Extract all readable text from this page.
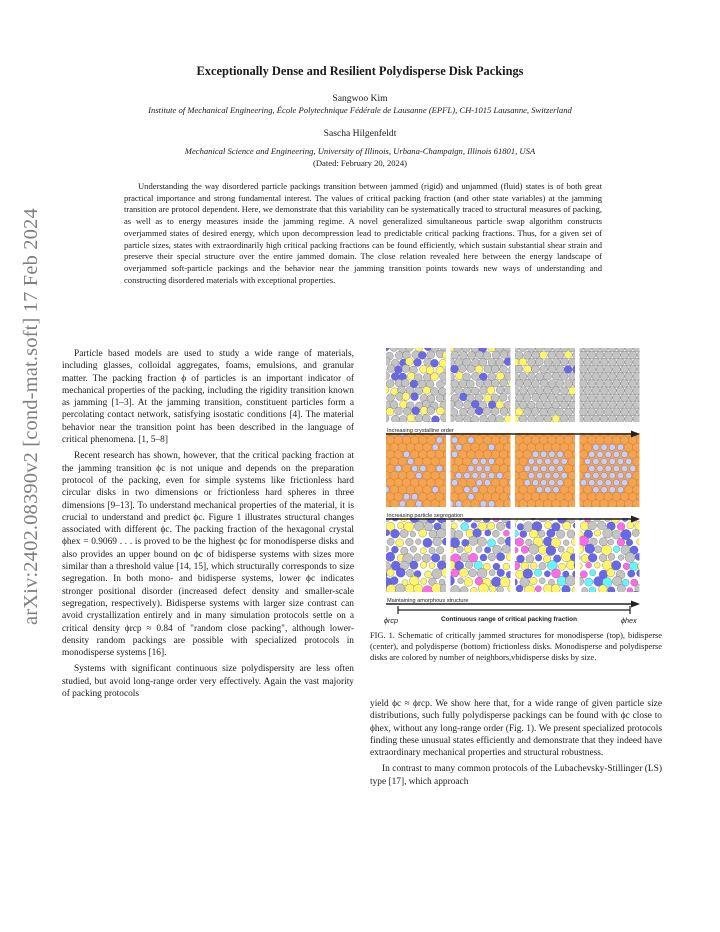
arXiv:2402.08390v2 [cond-mat.soft] 17 Feb 2024
Exceptionally Dense and Resilient Polydisperse Disk Packings
Sangwoo Kim
Institute of Mechanical Engineering, École Polytechnique Fédérale de Lausanne (EPFL), CH-1015 Lausanne, Switzerland
Sascha Hilgenfeldt
Mechanical Science and Engineering, University of Illinois, Urbana-Champaign, Illinois 61801, USA
(Dated: February 20, 2024)
Understanding the way disordered particle packings transition between jammed (rigid) and unjammed (fluid) states is of both great practical importance and strong fundamental interest. The values of critical packing fraction (and other state variables) at the jamming transition are protocol dependent. Here, we demonstrate that this variability can be systematically traced to structural measures of packing, as well as to energy measures inside the jamming regime. A novel generalized simultaneous particle swap algorithm constructs overjammed states of desired energy, which upon decompression lead to predictable critical packing fractions. Thus, for a given set of particle sizes, states with extraordinarily high critical packing fractions can be found efficiently, which sustain substantial shear strain and preserve their special structure over the entire jammed domain. The close relation revealed here between the energy landscape of overjammed soft-particle packings and the behavior near the jamming transition points towards new ways of understanding and constructing disordered materials with exceptional properties.

Particle based models are used to study a wide range of materials, including glasses, colloidal aggregates, foams, emulsions, and granular matter. The packing fraction ϕ of particles is an important indicator of mechanical properties of the packing, including the rigidity transition known as jamming [1–3]. At the jamming transition, constituent particles form a percolating contact network, satisfying isostatic conditions [4]. The material behavior near the transition point has been described in the language of critical phenomena. [1, 5–8]

Recent research has shown, however, that the critical packing fraction at the jamming transition ϕc is not unique and depends on the preparation protocol of the packing, even for simple systems like frictionless hard circular disks in two dimensions or frictionless hard spheres in three dimensions [9–13]. To understand mechanical properties of the material, it is crucial to understand and predict ϕc. Figure 1 illustrates structural changes associated with different ϕc. The packing fraction of the hexagonal crystal ϕhex = 0.9069 . . . is proved to be the highest ϕc for monodisperse disks and also provides an upper bound on ϕc of bidisperse systems with sizes more similar than a threshold value [14, 15], which structurally corresponds to size segregation. In both mono- and bidisperse systems, lower ϕc indicates stronger positional disorder (increased defect density and smaller-scale segregation, respectively). Bidisperse systems with larger size contrast can avoid crystallization entirely and in many simulation protocols settle on a critical density ϕrcp ≈ 0.84 of "random close packing", although lower-density random packings are possible with specialized protocols in monodisperse systems [16].

Systems with significant continuous size polydispersity are less often studied, but avoid long-range order very effectively. Again the vast majority of packing protocols

Increasing crystalline order
Increasing particle segregation
Maintaining amorphous structure
ϕrcp	Continuous range of critical packing fraction	ϕhex
FIG. 1. Schematic of critically jammed structures for monodisperse (top), bidisperse (center), and polydisperse (bottom) frictionless disks. Monodisperse and polydisperse disks are colored by number of neighbors,vbidisperse disks by size.

yield ϕc ≈ ϕrcp. We show here that, for a wide range of given particle size distributions, such fully polydisperse packings can be found with ϕc close to ϕhex, without any long-range order (Fig. 1). We present specialized protocols finding these unusual states efficiently and demonstrate that they indeed have extraordinary mechanical properties and structural robustness.

In contrast to many common protocols of the Lubachevsky-Stillinger (LS) type [17], which approach
